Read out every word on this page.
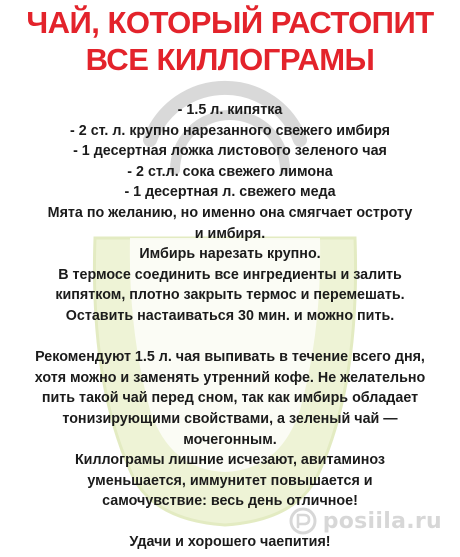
ЧАЙ, КОТОРЫЙ РАСТОПИТ
ВСЕ КИЛЛОГРАМЫ
- 1.5 л. кипятка
- 2 ст. л. крупно нарезанного свежего имбиря
- 1 десертная ложка листового зеленого чая
- 2 ст.л. сока свежего лимона
- 1 десертная л. свежего меда
Мята по желанию, но именно она смягчает остроту
и имбиря.
Имбирь нарезать крупно.
В термосе соединить все ингредиенты и залить
кипятком, плотно закрыть термос и перемешать.
Оставить настаиваться 30 мин. и можно пить.
Рекомендуют 1.5 л. чая выпивать в течение всего дня,
хотя можно и заменять утренний кофе. Не желательно
пить такой чай перед сном, так как имбирь обладает
тонизирующими свойствами, а зеленый чай —
мочегонным.
Киллограмы лишние исчезают, авитаминоз
уменьшается, иммунитет повышается и
самочувствие: весь день отличное!
Удачи и хорошего чаепития!
posiila.ru
